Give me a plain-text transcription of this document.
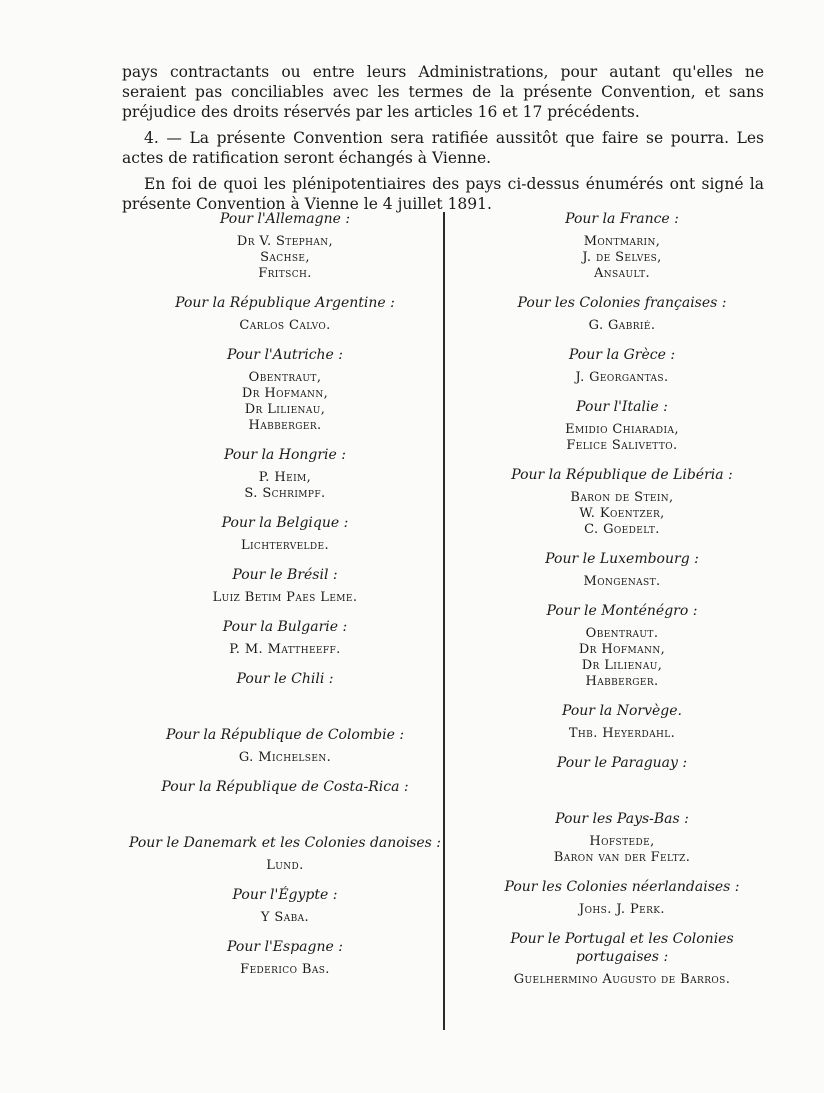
pays contractants ou entre leurs Administrations, pour autant qu'elles ne seraient pas conciliables avec les termes de la présente Convention, et sans préjudice des droits réservés par les articles 16 et 17 précédents.

4. — La présente Convention sera ratifiée aussitôt que faire se pourra. Les actes de ratification seront échangés à Vienne.

En foi de quoi les plénipotentiaires des pays ci-dessus énumérés ont signé la présente Convention à Vienne le 4 juillet 1891.

Pour l'Allemagne :

Dr V. Stephan,

Sachse,

Fritsch.

Pour la République Argentine :

Carlos Calvo.

Pour l'Autriche :

Obentraut,

Dr Hofmann,

Dr Lilienau,

Habberger.

Pour la Hongrie :

P. Heim,

S. Schrimpf.

Pour la Belgique :

Lichtervelde.

Pour le Brésil :

Luiz Betim Paes Leme.

Pour la Bulgarie :

P. M. Mattheeff.

Pour le Chili :

Pour la République de Colombie :

G. Michelsen.

Pour la République de Costa-Rica :

Pour le Danemark et les Colonies danoises :

Lund.

Pour l'Égypte :

Y Saba.

Pour l'Espagne :

Federico Bas.

Pour la France :

Montmarin,

J. de Selves,

Ansault.

Pour les Colonies françaises :

G. Gabrié.

Pour la Grèce :

J. Georgantas.

Pour l'Italie :

Emidio Chiaradia,

Felice Salivetto.

Pour la République de Libéria :

Baron de Stein,

W. Koentzer,

C. Goedelt.

Pour le Luxembourg :

Mongenast.

Pour le Monténégro :

Obentraut.

Dr Hofmann,

Dr Lilienau,

Habberger.

Pour la Norvège.

Thb. Heyerdahl.

Pour le Paraguay :

Pour les Pays-Bas :

Hofstede,

Baron van der Feltz.

Pour les Colonies néerlandaises :

Johs. J. Perk.

Pour le Portugal et les Colonies portugaises :

Guelhermino Augusto de Barros.
